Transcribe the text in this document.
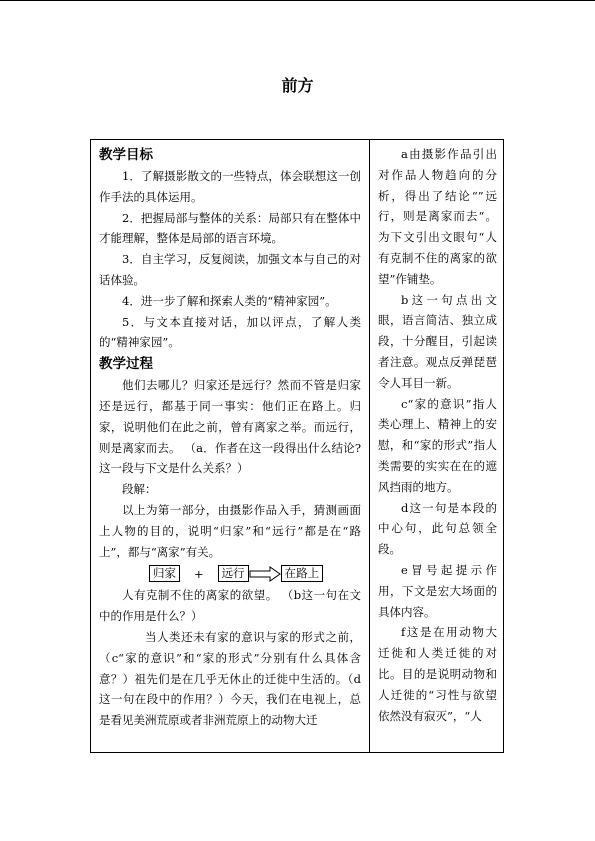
前方
教学目标

1．了解摄影散文的一些特点，体会联想这一创作手法的具体运用。

2．把握局部与整体的关系：局部只有在整体中才能理解，整体是局部的语言环境。

3．自主学习，反复阅读，加强文本与自己的对话体验。

4．进一步了解和探索人类的“精神家园”。

5．与文本直接对话，加以评点，了解人类的“精神家园”。

教学过程

他们去哪儿？归家还是远行？然而不管是归家还是远行，都基于同一事实：他们正在路上。归家，说明他们在此之前，曾有离家之举。而远行，则是离家而去。 （a．作者在这一段得出什么结论?这一段与下文是什么关系？）

段解：

以上为第一部分，由摄影作品入手，猜测画面上人物的目的，说明“归家”和“远行”都是在“路上”，都与“离家”有关。

归家	+	远行	在路上

人有克制不住的离家的欲望。 （b这一句在文中的作用是什么？）

当人类还未有家的意识与家的形式之前，（c“家的意识”和“家的形式”分别有什么具体含意？）祖先们是在几乎无休止的迁徙中生活的。（d这一句在段中的作用？）今天，我们在电视上，总是看见美洲荒原或者非洲荒原上的动物大迁

a由摄影作品引出对作品人物趋向的分析，得出了结论“”远行，则是离家而去“。为下文引出文眼句“人有克制不住的离家的欲望”作铺垫。

b这一句点出文眼，语言简洁、独立成段，十分醒目，引起读者注意。观点反弹琵琶令人耳目一新。

c“家的意识”指人类心理上、精神上的安慰，和“家的形式”指人类需要的实实在在的遮风挡雨的地方。

d这一句是本段的中心句，此句总领全段。

e冒号起提示作用，下文是宏大场面的具体内容。

f这是在用动物大迁徙和人类迁徙的对比。目的是说明动物和人迁徙的“习性与欲望依然没有寂灭”，“人
